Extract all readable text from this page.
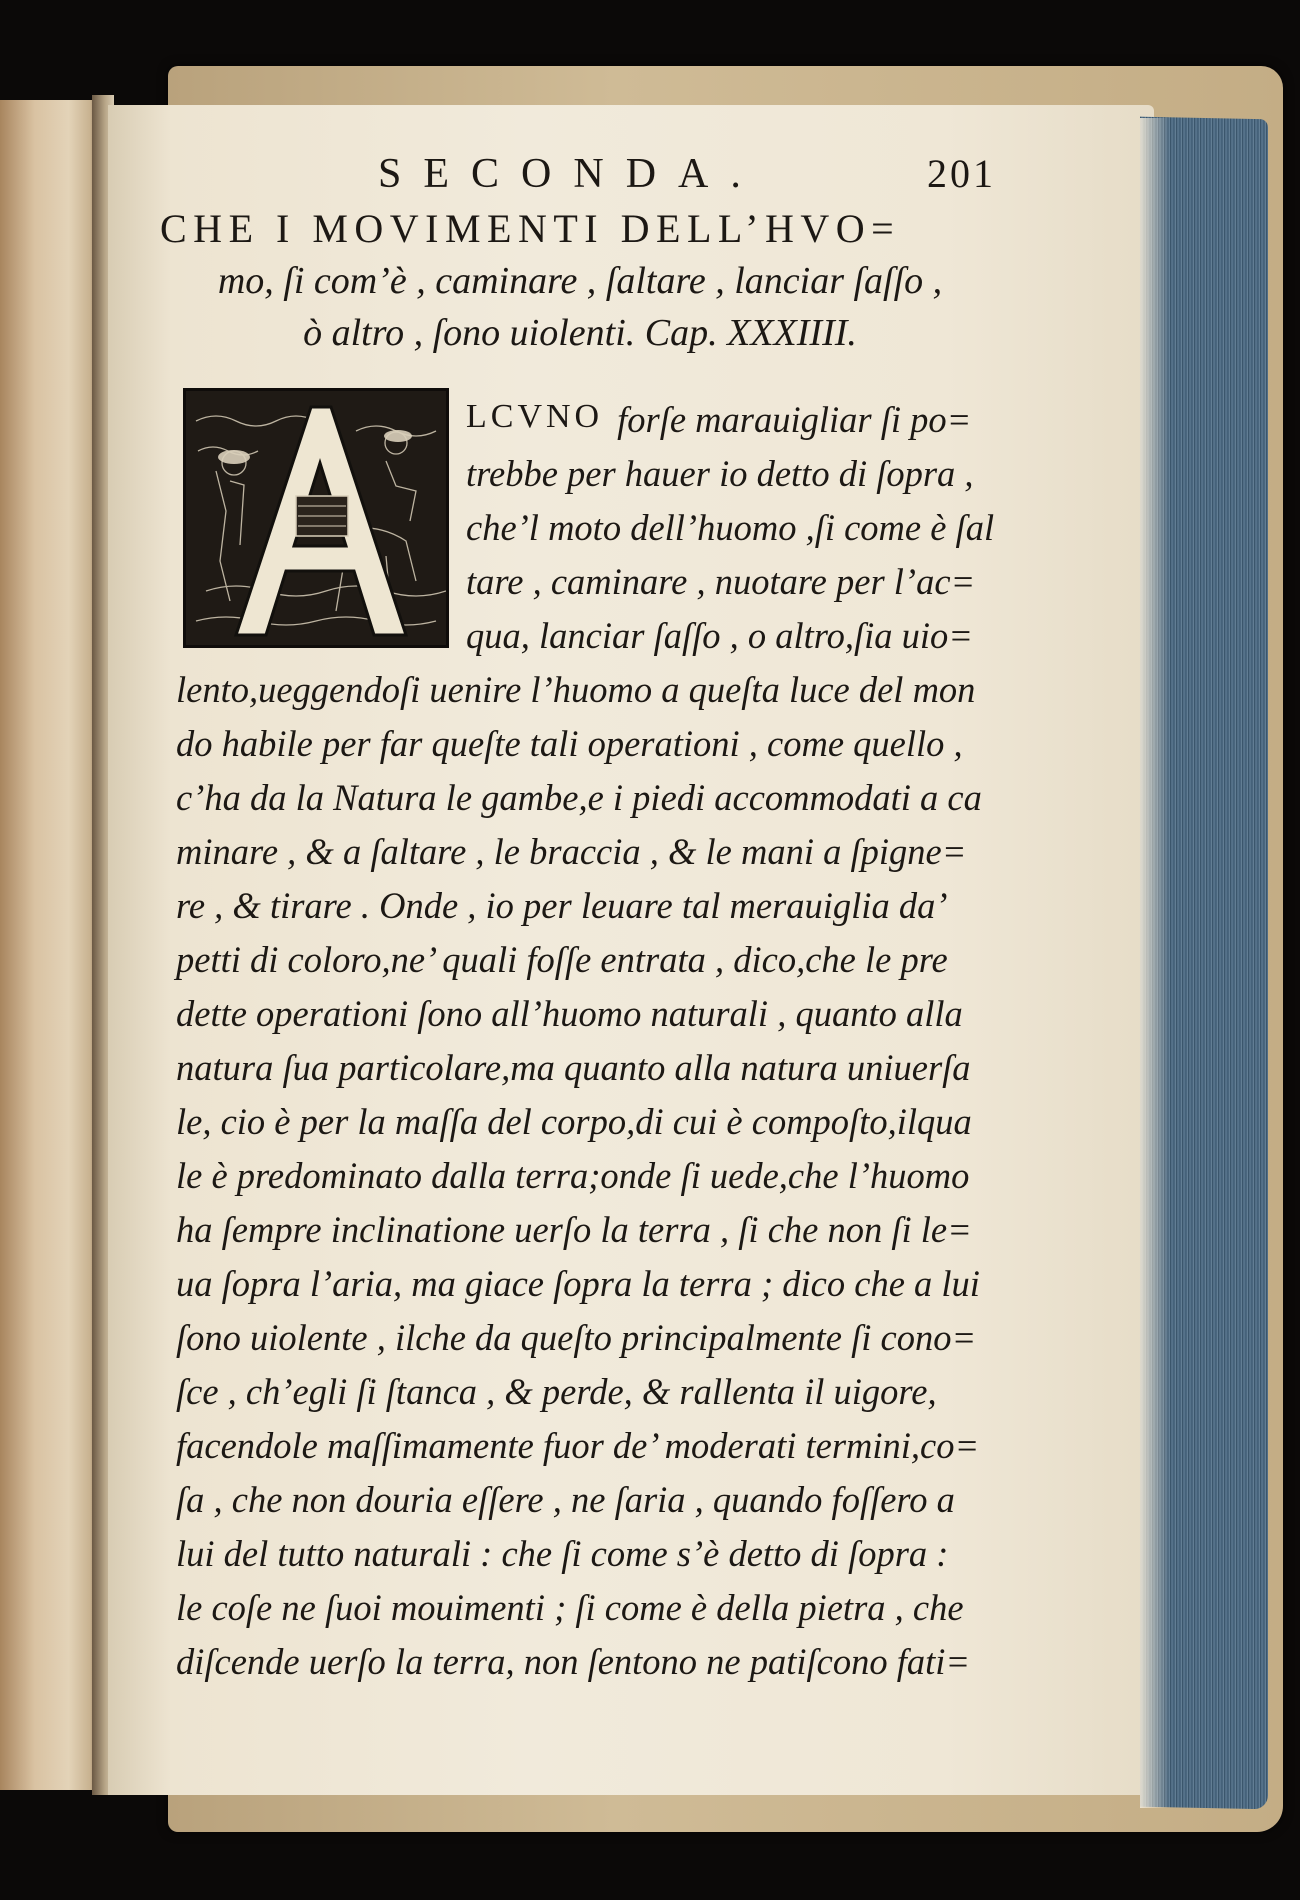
SECONDA.	201
CHE I MOVIMENTI DELL’HVO=
mo, ſi com’è , caminare , ſaltare , lanciar ſaſſo ,
ò altro , ſono uiolenti. Cap. XXXIIII.
LCVNO forſe marauigliar ſi po=
trebbe per hauer io detto di ſopra ,
che’l moto dell’huomo ,ſi come è ſal
tare , caminare , nuotare per l’ac=
qua, lanciar ſaſſo , o altro,ſia uio=
lento,ueggendoſi uenire l’huomo a queſta luce del mon
do habile per far queſte tali operationi , come quello ,
c’ha da la Natura le gambe,e i piedi accommodati a ca
minare , & a ſaltare , le braccia , & le mani a ſpigne=
re , & tirare . Onde , io per leuare tal merauiglia da’
petti di coloro,ne’ quali foſſe entrata , dico,che le pre
dette operationi ſono all’huomo naturali , quanto alla
natura ſua particolare,ma quanto alla natura uniuerſa
le, cio è per la maſſa del corpo,di cui è compoſto,ilqua
le è predominato dalla terra;onde ſi uede,che l’huomo
ha ſempre inclinatione uerſo la terra , ſi che non ſi le=
ua ſopra l’aria, ma giace ſopra la terra ; dico che a lui
ſono uiolente , ilche da queſto principalmente ſi cono=
ſce , ch’egli ſi ſtanca , & perde, & rallenta il uigore,
facendole maſſimamente fuor de’ moderati termini,co=
ſa , che non douria eſſere , ne ſaria , quando foſſero a
lui del tutto naturali : che ſi come s’è detto di ſopra :
le coſe ne ſuoi mouimenti ; ſi come è della pietra , che
diſcende uerſo la terra, non ſentono ne patiſcono fati=
